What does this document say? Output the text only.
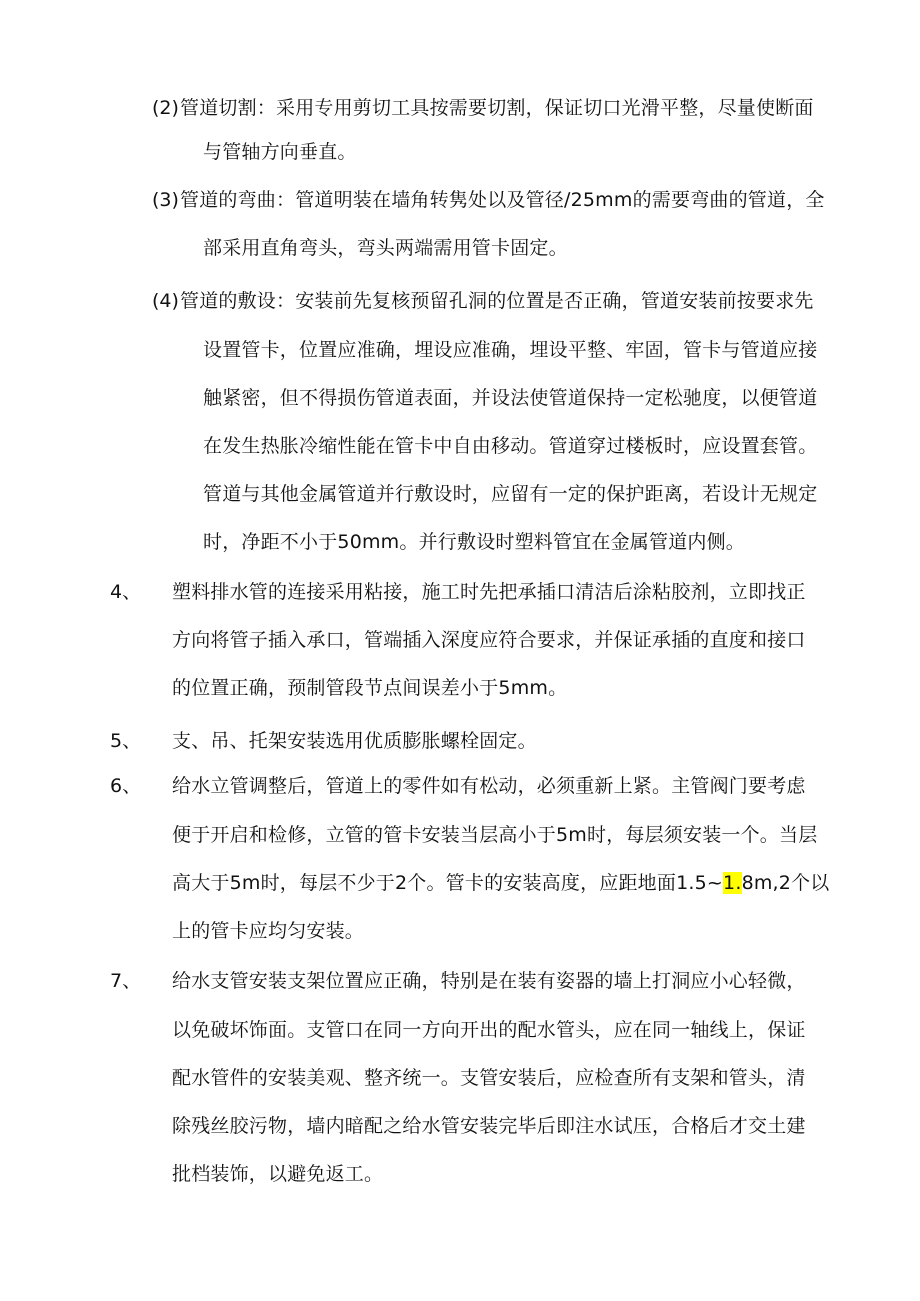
(2) 管道切割：采用专用剪切工具按需要切割，保证切口光滑平整，尽量使断面
与管轴方向垂直。
(3) 管道的弯曲：管道明装在墙角转隽处以及管径∕25mm的需要弯曲的管道，全
部采用直角弯头，弯头两端需用管卡固定。
(4) 管道的敷设：安装前先复核预留孔洞的位置是否正确，管道安装前按要求先
设置管卡，位置应准确，埋设应准确，埋设平整、牢固，管卡与管道应接
触紧密，但不得损伤管道表面，并设法使管道保持一定松驰度，以便管道
在发生热胀冷缩性能在管卡中自由移动。管道穿过楼板时，应设置套管。
管道与其他金属管道并行敷设时，应留有一定的保护距离，若设计无规定
时，净距不小于50mm。并行敷设时塑料管宜在金属管道内侧。
4、 塑料排水管的连接采用粘接，施工时先把承插口清洁后涂粘胶剂，立即找正
方向将管子插入承口，管端插入深度应符合要求，并保证承插的直度和接口
的位置正确，预制管段节点间误差小于5mm。
5、 支、吊、托架安装选用优质膨胀螺栓固定。
6、 给水立管调整后，管道上的零件如有松动，必须重新上紧。主管阀门要考虑
便于开启和检修，立管的管卡安装当层高小于5m时，每层须安装一个。当层
高大于5m时，每层不少于2个。管卡的安装高度，应距地面1.5~1.8m,2个以
上的管卡应均匀安装。
7、 给水支管安装支架位置应正确，特别是在装有姿器的墙上打洞应小心轻微，
以免破坏饰面。支管口在同一方向开出的配水管头，应在同一轴线上，保证
配水管件的安装美观、整齐统一。支管安装后，应检查所有支架和管头，清
除残丝胶污物，墙内暗配之给水管安装完毕后即注水试压，合格后才交土建
批档装饰，以避免返工。
